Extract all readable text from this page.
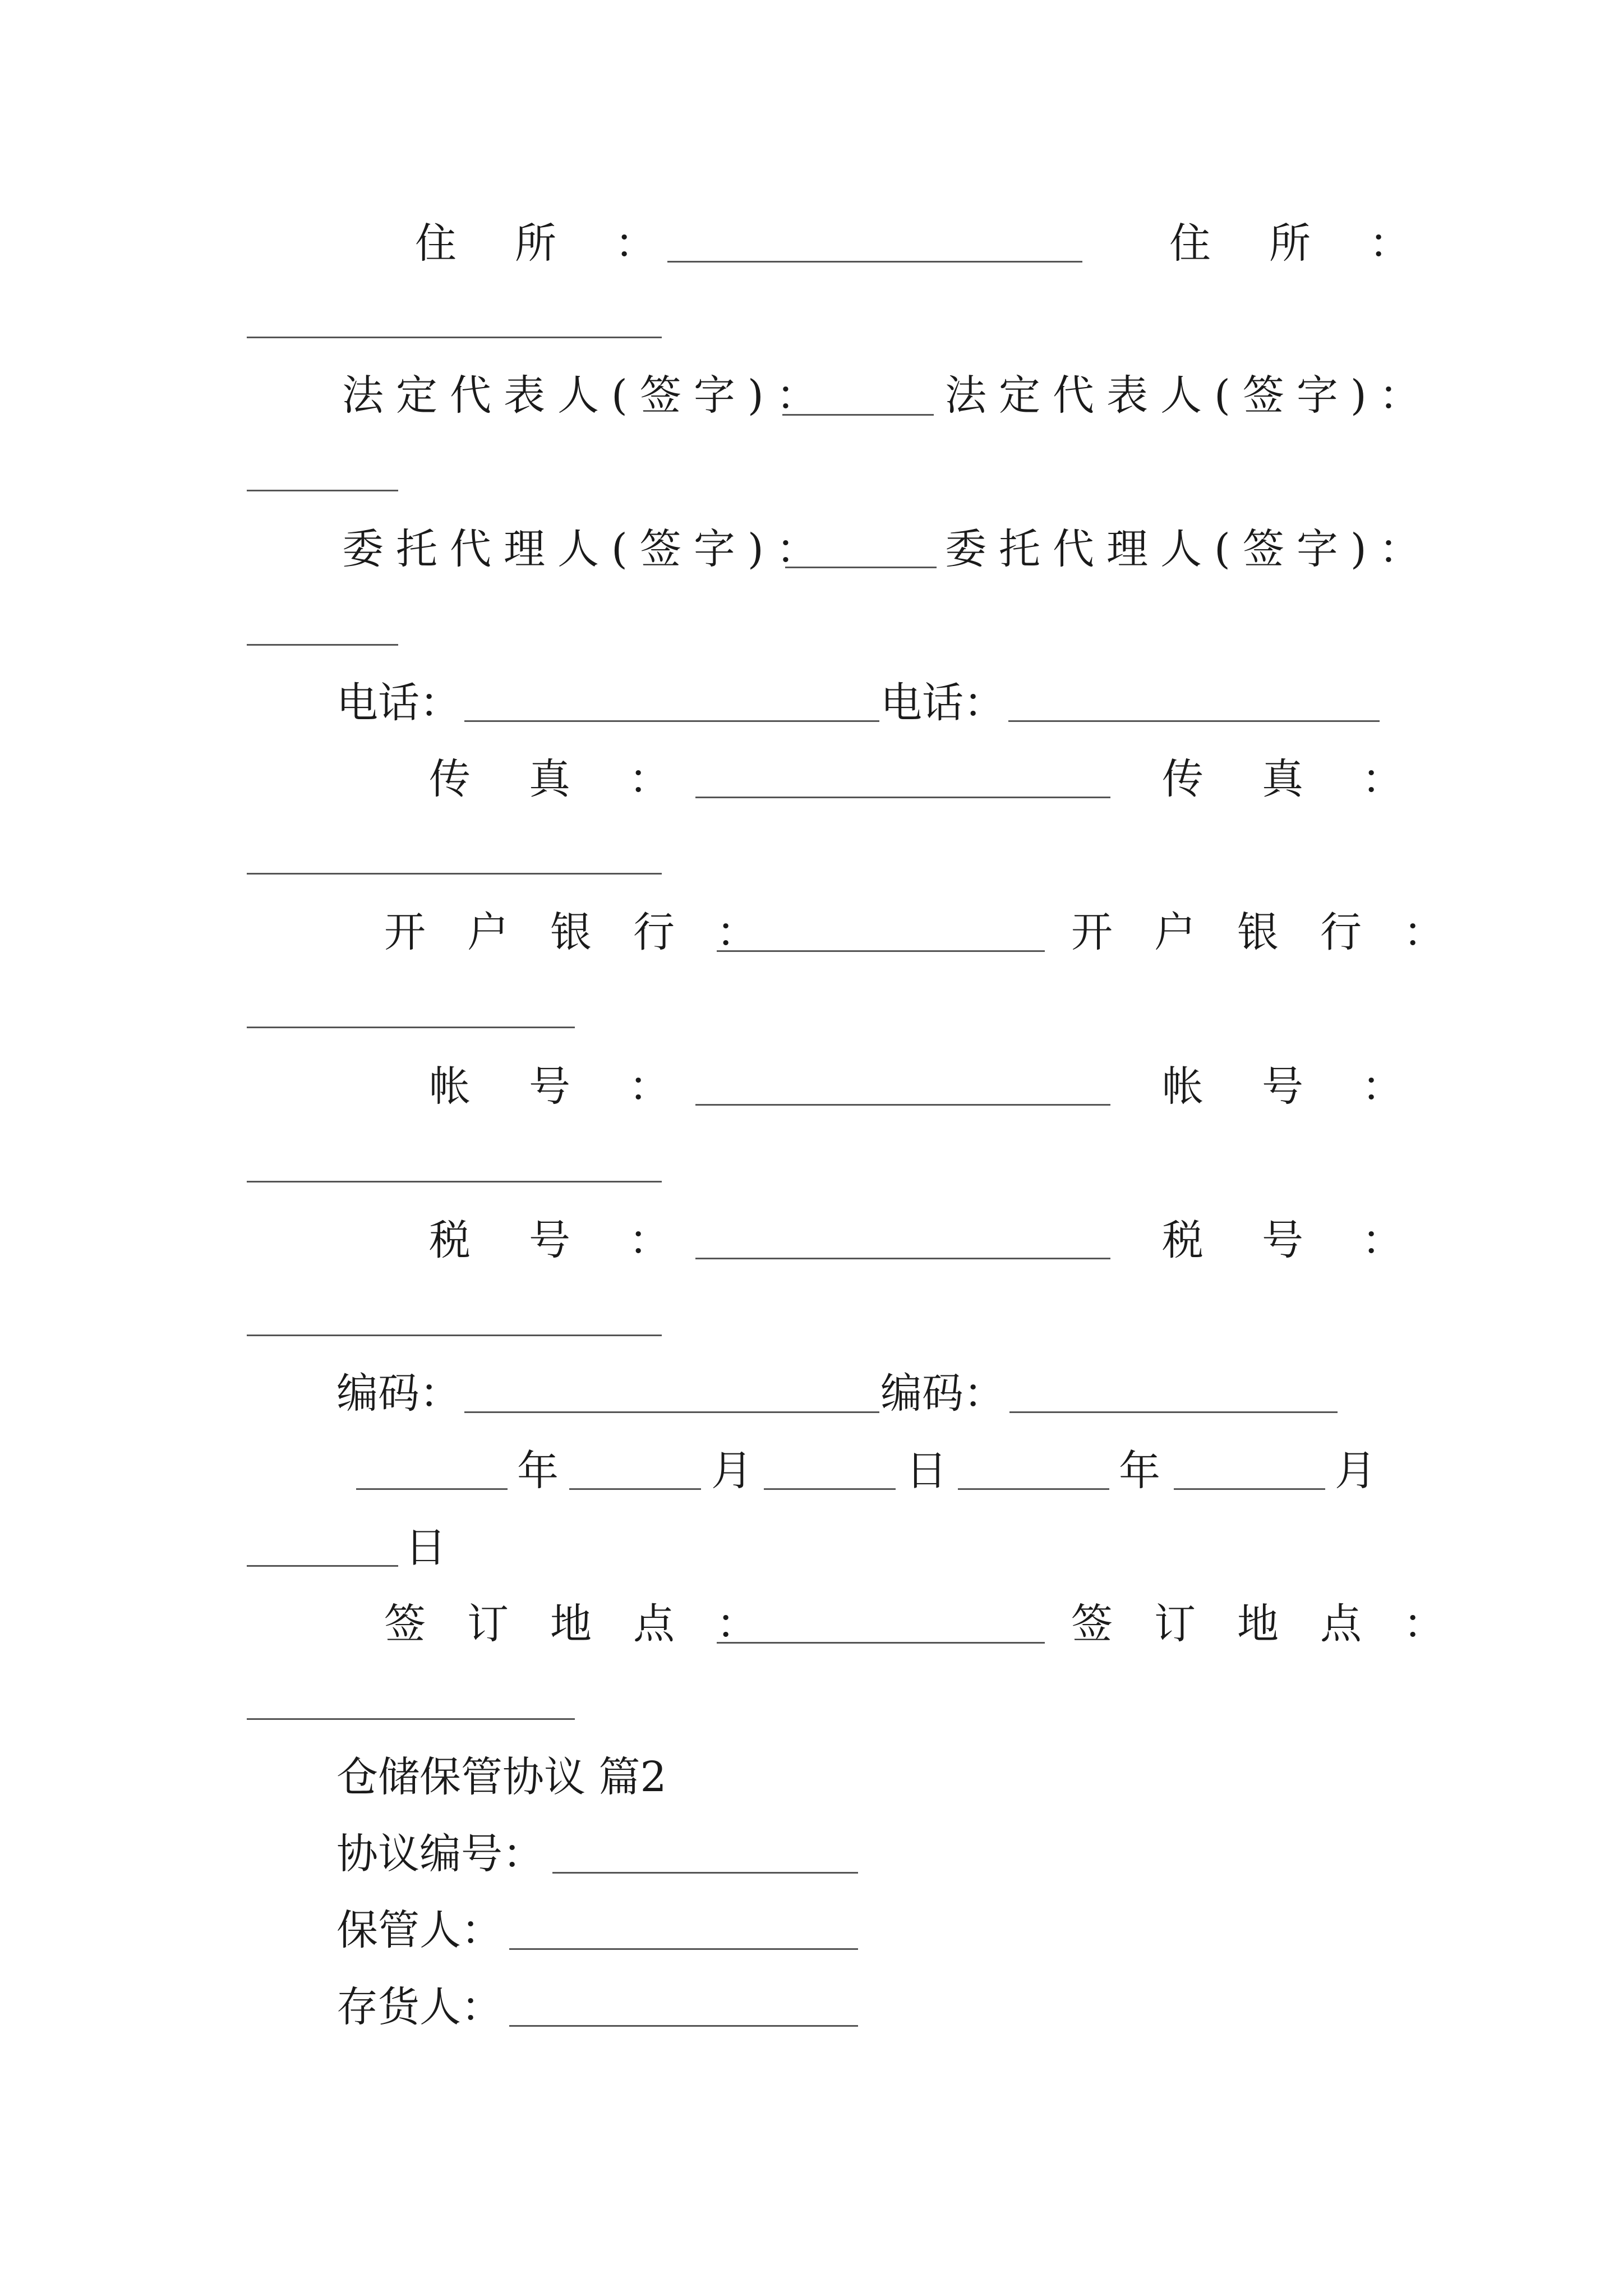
住所：	住所：
法定代表人(签字)：	法定代表人(签字)：
委托代理人(签字)：	委托代理人(签字)：
电话：	电话：
传真：	传真：
开户银行：	开户银行：
帐号：	帐号：
税号：	税号：
编码：	编码：
年	月	日	年	月
日
签订地点：	签订地点：
仓储保管协议 篇2
协议编号：
保管人：
存货人：
